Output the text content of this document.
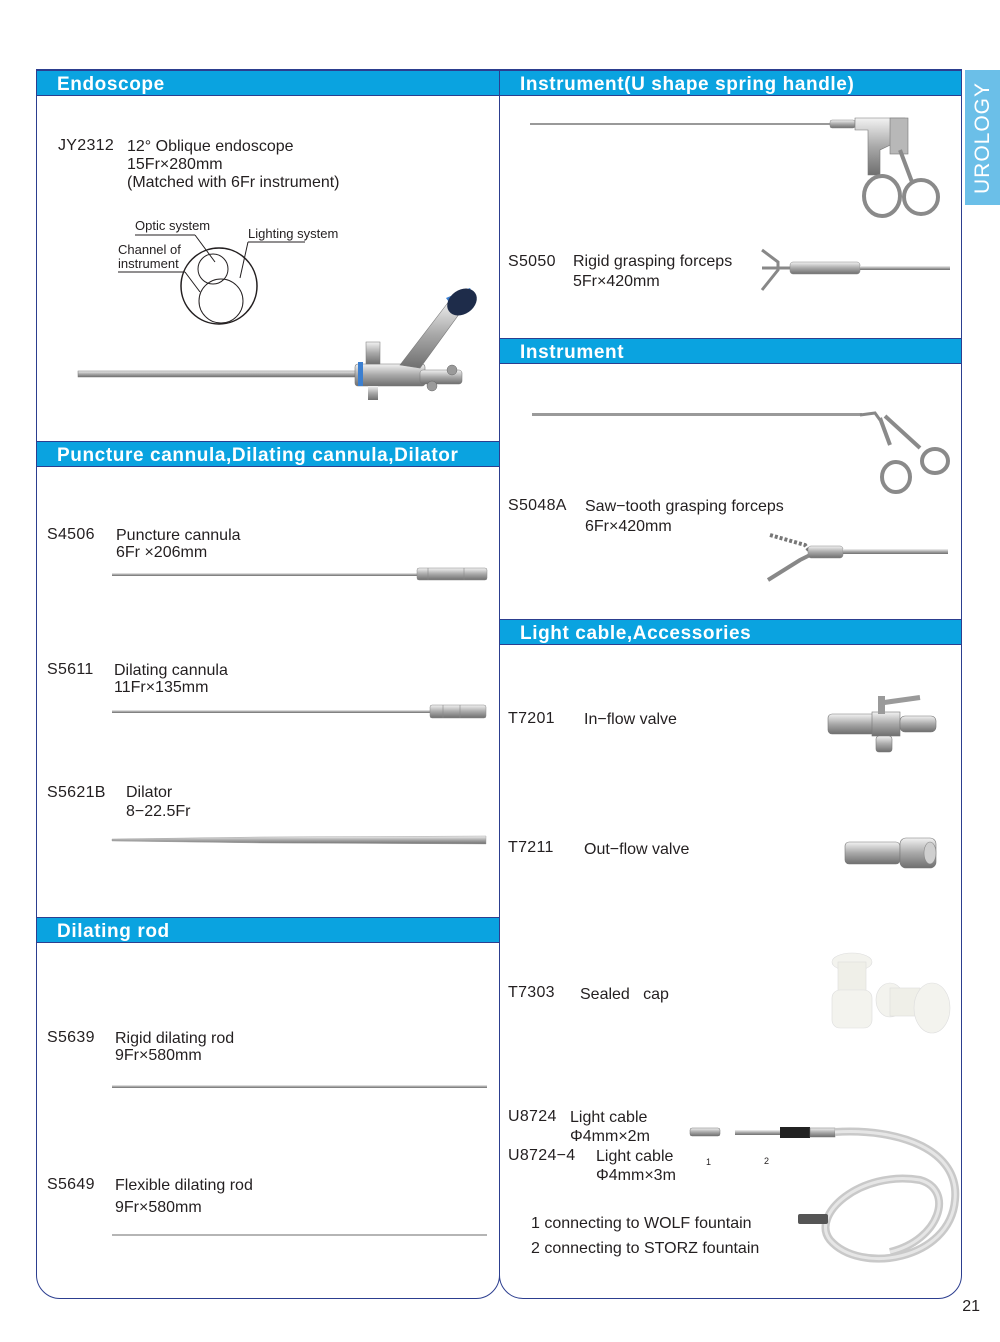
UROLOGY
Endoscope
Puncture cannula,Dilating cannula,Dilator
Dilating rod
Instrument(U shape spring handle)
Instrument
Light cable,Accessories
JY2312 12° Oblique endoscope
15Fr×280mm
(Matched with 6Fr instrument)
Optic system
Lighting system
Channel of
instrument
S4506 Puncture cannula
6Fr ×206mm
S5611 Dilating cannula
11Fr×135mm
S5621B Dilator
8−22.5Fr
S5639 Rigid dilating rod
9Fr×580mm
S5649 Flexible dilating rod
9Fr×580mm
S5050 Rigid grasping forceps
5Fr×420mm
S5048A Saw−tooth grasping forceps
6Fr×420mm
T7201 In−flow valve
T7211 Out−flow valve
T7303 Sealed   cap
U8724 Light cable
Φ4mm×2m
U8724−4 Light cable
Φ4mm×3m
1 connecting to WOLF fountain
2 connecting to STORZ fountain
1	2
21
